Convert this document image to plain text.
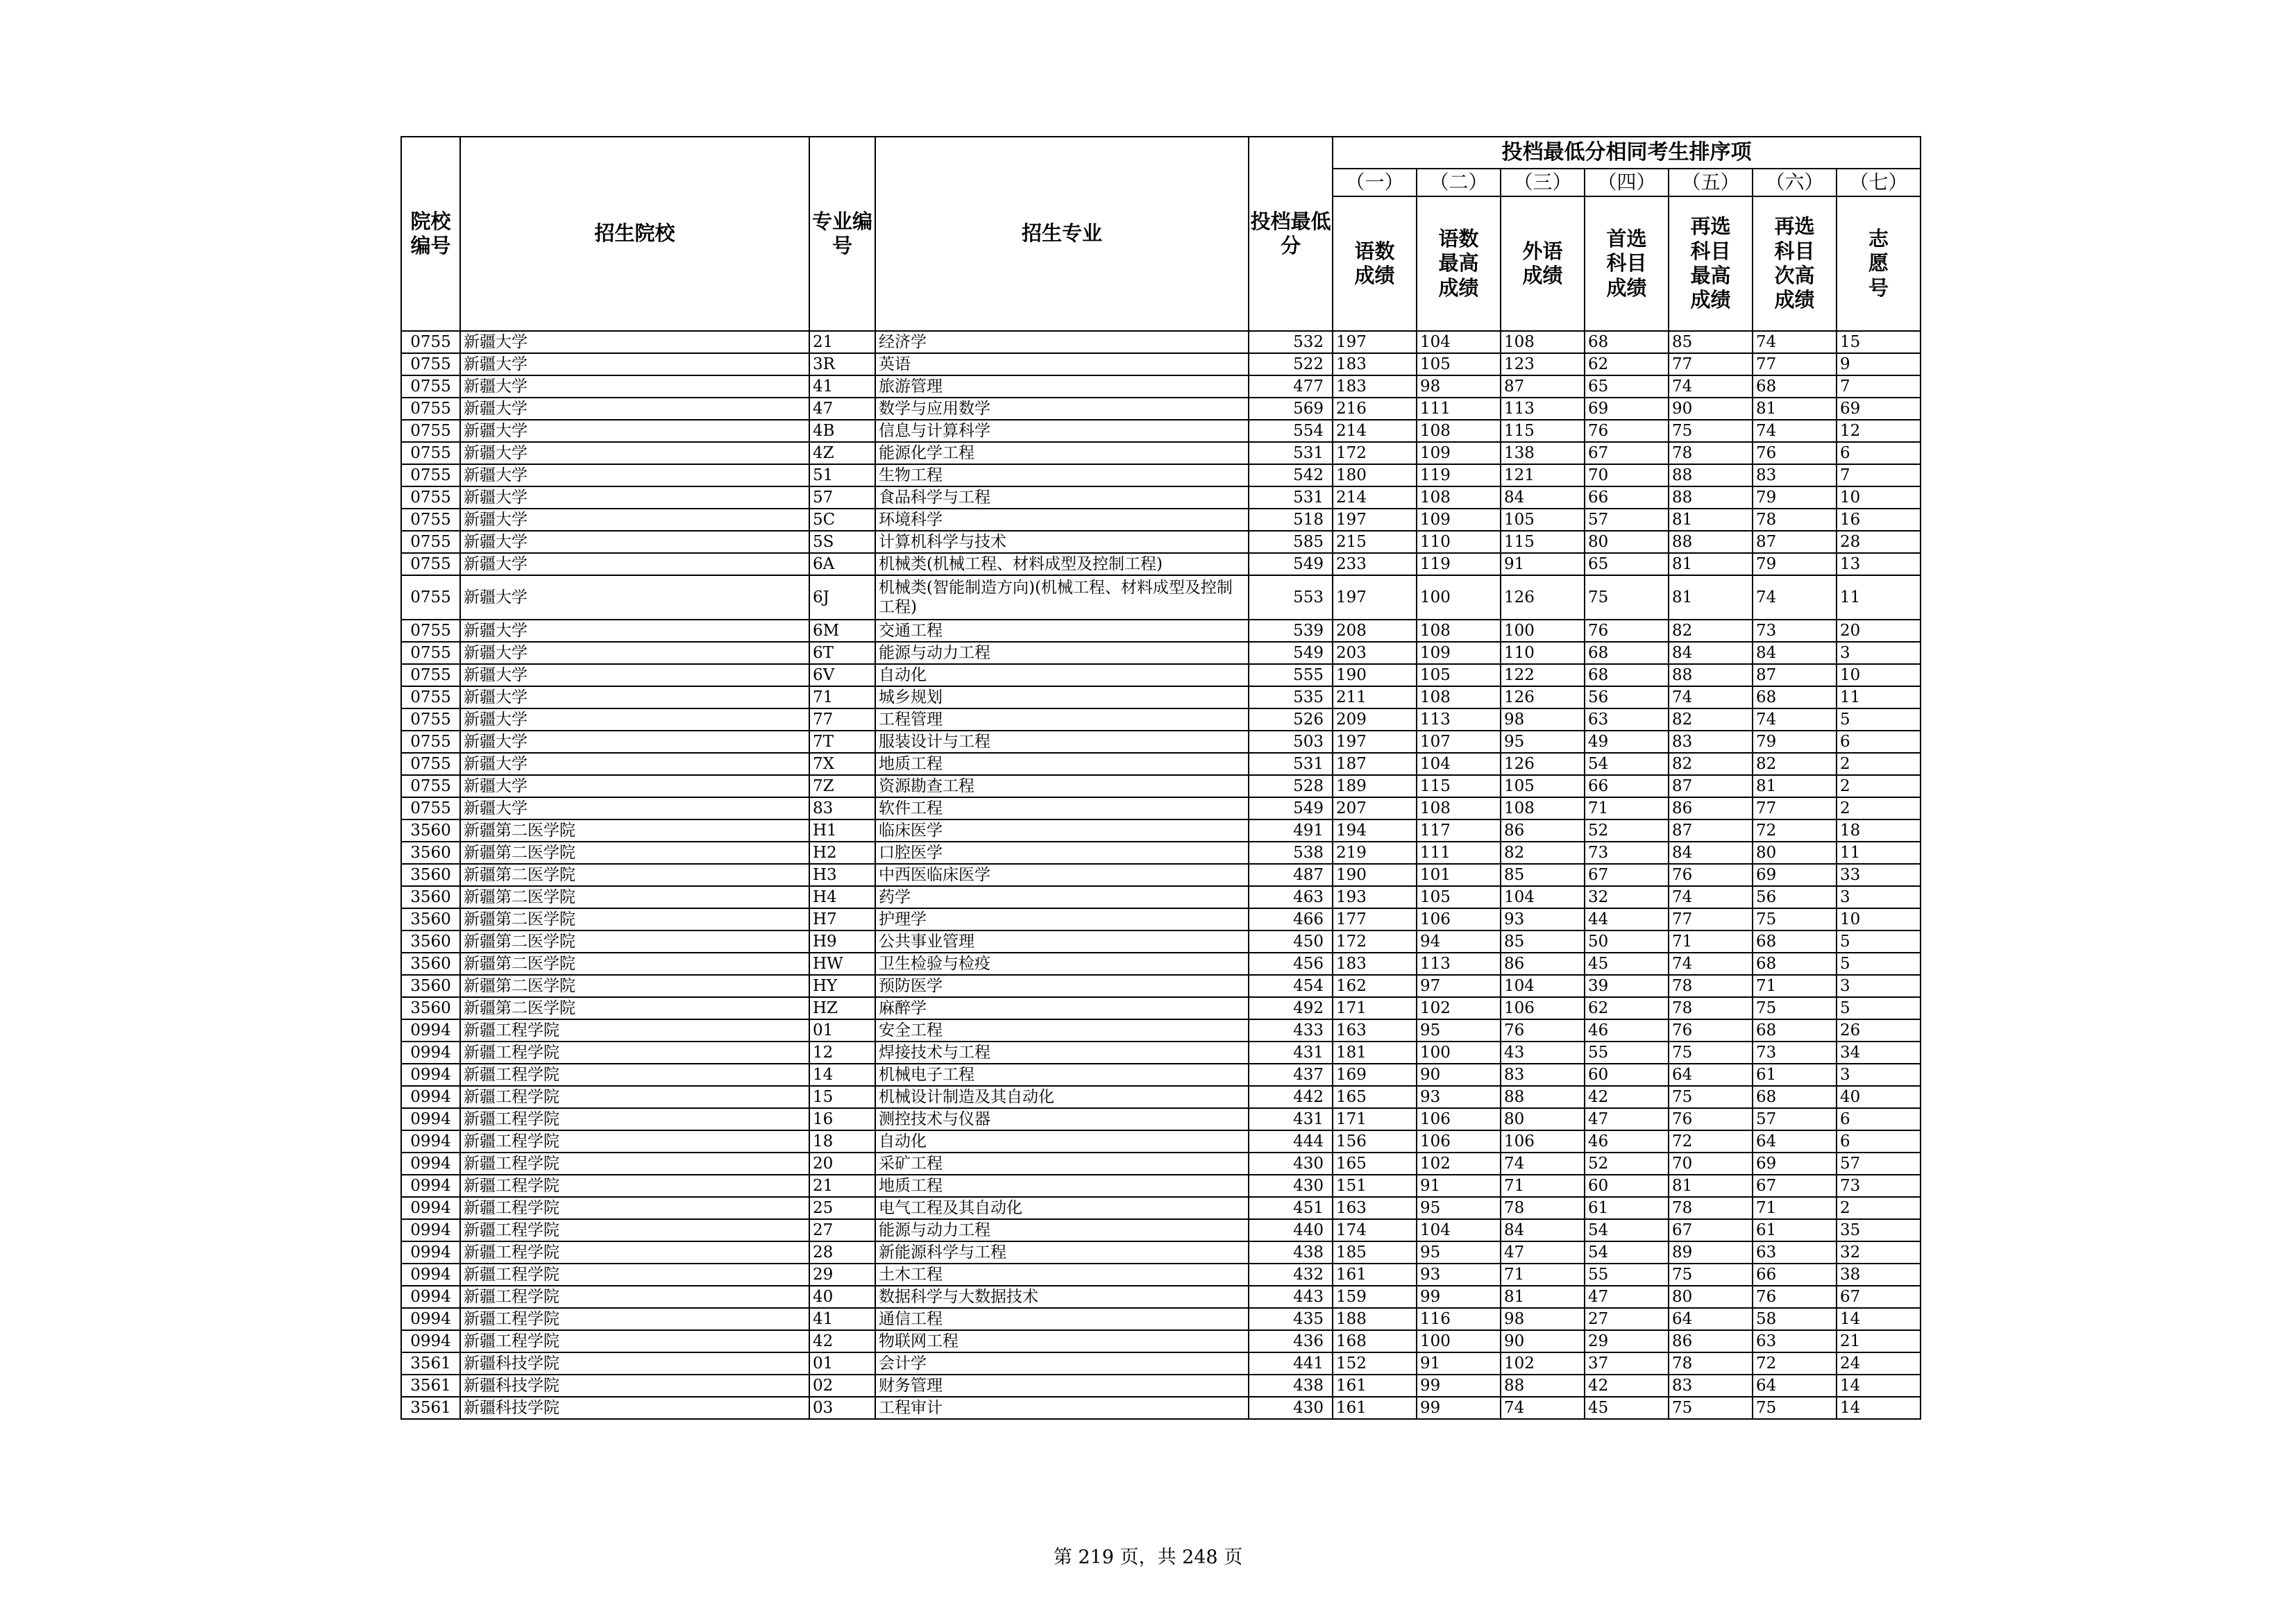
院校编号	招生院校	专业编号	招生专业	投档最低分	投档最低分相同考生排序项						
					（一）	（二）	（三）	（四）	（五）	（六）	（七）
					语数成绩	语数最高成绩	外语成绩	首选科目成绩	再选科目最高成绩	再选科目次高成绩	志愿号
0755	新疆大学	21	经济学	532	197	104	108	68	85	74	15
0755	新疆大学	3R	英语	522	183	105	123	62	77	77	9
0755	新疆大学	41	旅游管理	477	183	98	87	65	74	68	7
0755	新疆大学	47	数学与应用数学	569	216	111	113	69	90	81	69
0755	新疆大学	4B	信息与计算科学	554	214	108	115	76	75	74	12
0755	新疆大学	4Z	能源化学工程	531	172	109	138	67	78	76	6
0755	新疆大学	51	生物工程	542	180	119	121	70	88	83	7
0755	新疆大学	57	食品科学与工程	531	214	108	84	66	88	79	10
0755	新疆大学	5C	环境科学	518	197	109	105	57	81	78	16
0755	新疆大学	5S	计算机科学与技术	585	215	110	115	80	88	87	28
0755	新疆大学	6A	机械类(机械工程、材料成型及控制工程)	549	233	119	91	65	81	79	13
0755	新疆大学	6J	机械类(智能制造方向)(机械工程、材料成型及控制工程)	553	197	100	126	75	81	74	11
0755	新疆大学	6M	交通工程	539	208	108	100	76	82	73	20
0755	新疆大学	6T	能源与动力工程	549	203	109	110	68	84	84	3
0755	新疆大学	6V	自动化	555	190	105	122	68	88	87	10
0755	新疆大学	71	城乡规划	535	211	108	126	56	74	68	11
0755	新疆大学	77	工程管理	526	209	113	98	63	82	74	5
0755	新疆大学	7T	服装设计与工程	503	197	107	95	49	83	79	6
0755	新疆大学	7X	地质工程	531	187	104	126	54	82	82	2
0755	新疆大学	7Z	资源勘查工程	528	189	115	105	66	87	81	2
0755	新疆大学	83	软件工程	549	207	108	108	71	86	77	2
3560	新疆第二医学院	H1	临床医学	491	194	117	86	52	87	72	18
3560	新疆第二医学院	H2	口腔医学	538	219	111	82	73	84	80	11
3560	新疆第二医学院	H3	中西医临床医学	487	190	101	85	67	76	69	33
3560	新疆第二医学院	H4	药学	463	193	105	104	32	74	56	3
3560	新疆第二医学院	H7	护理学	466	177	106	93	44	77	75	10
3560	新疆第二医学院	H9	公共事业管理	450	172	94	85	50	71	68	5
3560	新疆第二医学院	HW	卫生检验与检疫	456	183	113	86	45	74	68	5
3560	新疆第二医学院	HY	预防医学	454	162	97	104	39	78	71	3
3560	新疆第二医学院	HZ	麻醉学	492	171	102	106	62	78	75	5
0994	新疆工程学院	01	安全工程	433	163	95	76	46	76	68	26
0994	新疆工程学院	12	焊接技术与工程	431	181	100	43	55	75	73	34
0994	新疆工程学院	14	机械电子工程	437	169	90	83	60	64	61	3
0994	新疆工程学院	15	机械设计制造及其自动化	442	165	93	88	42	75	68	40
0994	新疆工程学院	16	测控技术与仪器	431	171	106	80	47	76	57	6
0994	新疆工程学院	18	自动化	444	156	106	106	46	72	64	6
0994	新疆工程学院	20	采矿工程	430	165	102	74	52	70	69	57
0994	新疆工程学院	21	地质工程	430	151	91	71	60	81	67	73
0994	新疆工程学院	25	电气工程及其自动化	451	163	95	78	61	78	71	2
0994	新疆工程学院	27	能源与动力工程	440	174	104	84	54	67	61	35
0994	新疆工程学院	28	新能源科学与工程	438	185	95	47	54	89	63	32
0994	新疆工程学院	29	土木工程	432	161	93	71	55	75	66	38
0994	新疆工程学院	40	数据科学与大数据技术	443	159	99	81	47	80	76	67
0994	新疆工程学院	41	通信工程	435	188	116	98	27	64	58	14
0994	新疆工程学院	42	物联网工程	436	168	100	90	29	86	63	21
3561	新疆科技学院	01	会计学	441	152	91	102	37	78	72	24
3561	新疆科技学院	02	财务管理	438	161	99	88	42	83	64	14
3561	新疆科技学院	03	工程审计	430	161	99	74	45	75	75	14
第 219 页，共 248 页
